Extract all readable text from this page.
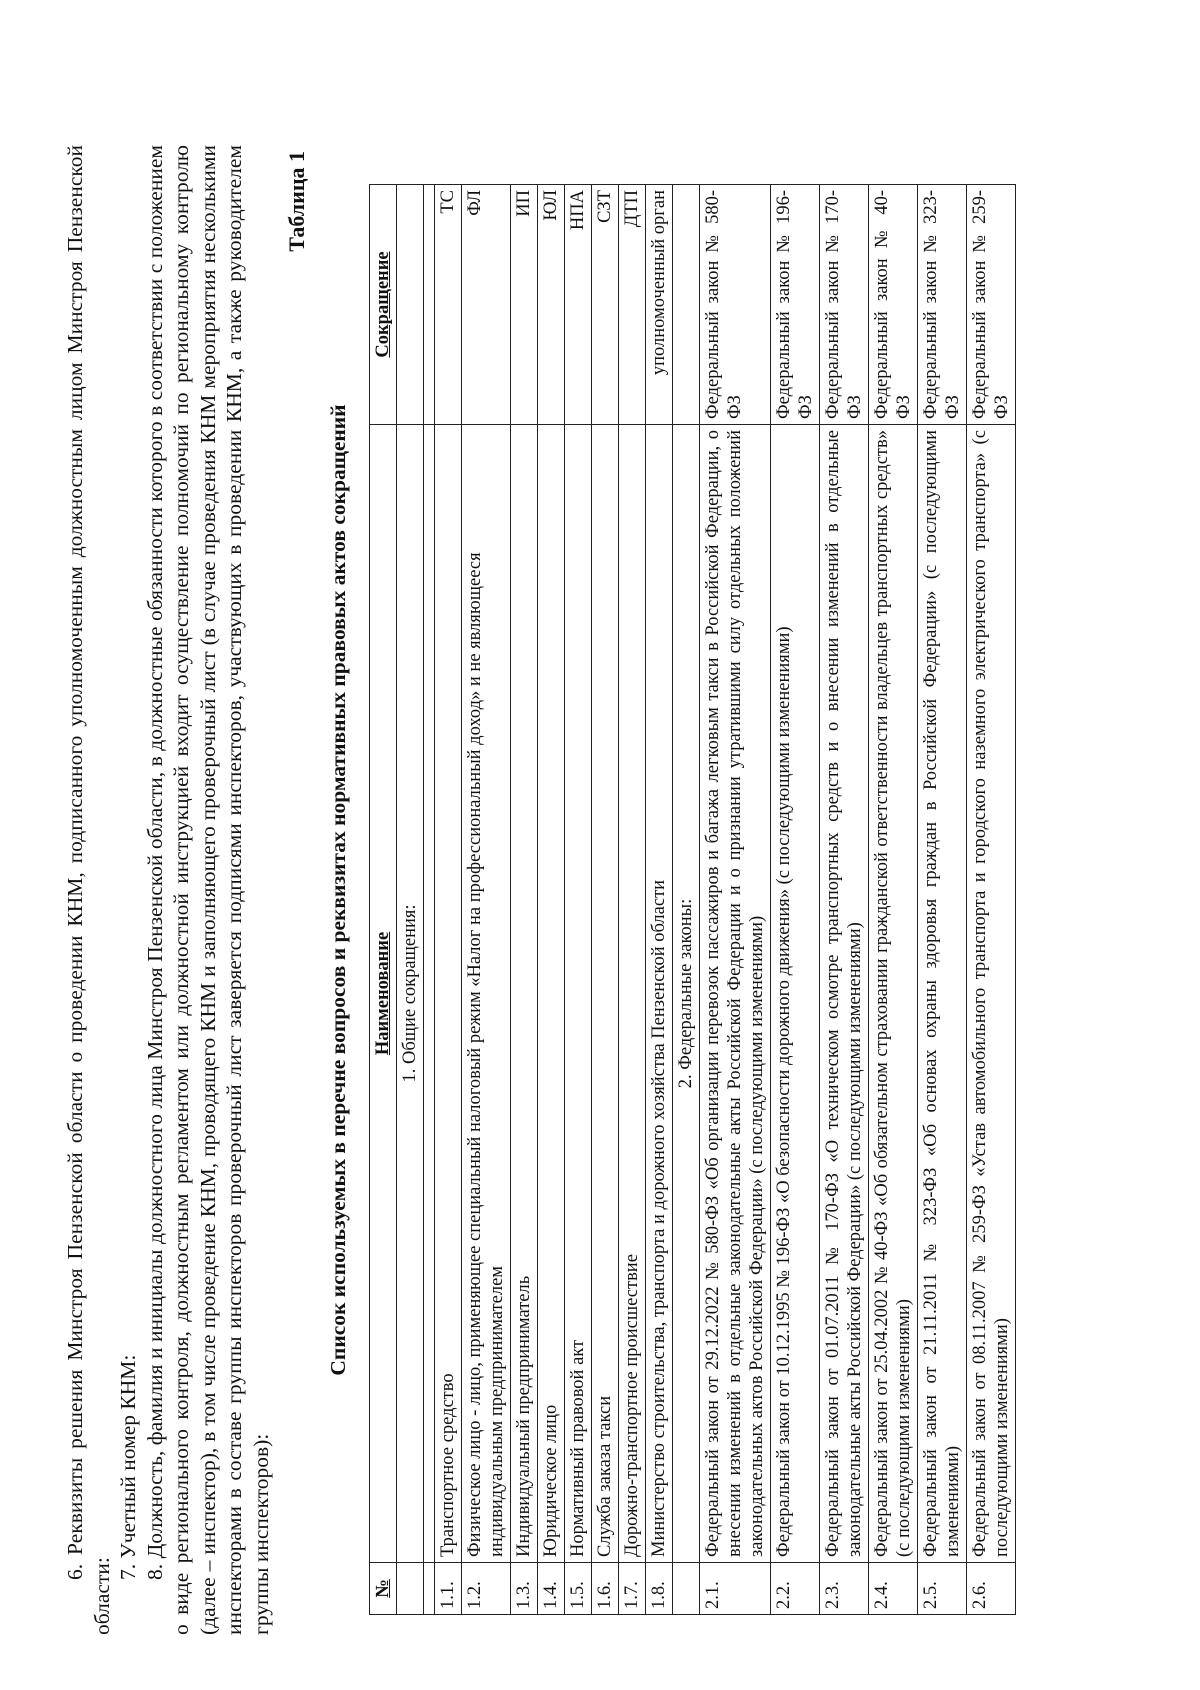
6. Реквизиты решения Минстроя Пензенской области о проведении КНМ, подписанного уполномоченным должностным лицом Минстроя Пензенской области:

7. Учетный номер КНМ: 8. Должность, фамилия и инициалы должностного лица Минстроя Пензенской области, в должностные обязанности которого в соответствии с положением о виде регионального контроля, должностным регламентом или должностной инструкцией входит осуществление полномочий по региональному контролю (далее – инспектор), в том числе проведение КНМ, проводящего КНМ и заполняющего проверочный лист (в случае проведения КНМ мероприятия несколькими инспекторами в составе группы инспекторов проверочный лист заверяется подписями инспекторов, участвующих в проведении КНМ, а также руководителем группы инспекторов):

Таблица 1
Список используемых в перечне вопросов и реквизитах нормативных правовых актов сокращений
№	Наименование	Сокращение
	1. Общие сокращения:	

1.1.	Транспортное средство	ТС
1.2.	Физическое лицо - лицо, применяющее специальный налоговый режим «Налог на профессиональный доход» и не являющееся индивидуальным предпринимателем	ФЛ
1.3.	Индивидуальный предприниматель	ИП
1.4.	Юридическое лицо	ЮЛ
1.5.	Нормативный правовой акт	НПА
1.6.	Служба заказа такси	СЗТ
1.7.	Дорожно-транспортное происшествие	ДТП
1.8.	Министерство строительства, транспорта и дорожного хозяйства Пензенской области	уполномоченный орган
	2. Федеральные законы:	
2.1.	Федеральный закон от 29.12.2022 № 580-ФЗ «Об организации перевозок пассажиров и багажа легковым такси в Российской Федерации, о внесении изменений в отдельные законодательные акты Российской Федерации и о признании утратившими силу отдельных положений законодательных актов Российской Федерации» (с последующими изменениями)	Федеральный закон № 580-ФЗ
2.2.	Федеральный закон от 10.12.1995 № 196-ФЗ «О безопасности дорожного движения» (с последующими изменениями)	Федеральный закон № 196-ФЗ
2.3.	Федеральный закон от 01.07.2011 № 170-ФЗ «О техническом осмотре транспортных средств и о внесении изменений в отдельные законодательные акты Российской Федерации» (с последующими изменениями)	Федеральный закон № 170-ФЗ
2.4.	Федеральный закон от 25.04.2002 № 40-ФЗ «Об обязательном страховании гражданской ответственности владельцев транспортных средств» (с последующими изменениями)	Федеральный закон № 40-ФЗ
2.5.	Федеральный закон от 21.11.2011 № 323-ФЗ «Об основах охраны здоровья граждан в Российской Федерации» (с последующими изменениями)	Федеральный закон № 323-ФЗ
2.6.	Федеральный закон от 08.11.2007 № 259-ФЗ «Устав автомобильного транспорта и городского наземного электрического транспорта» (с последующими изменениями)	Федеральный закон № 259-ФЗ
